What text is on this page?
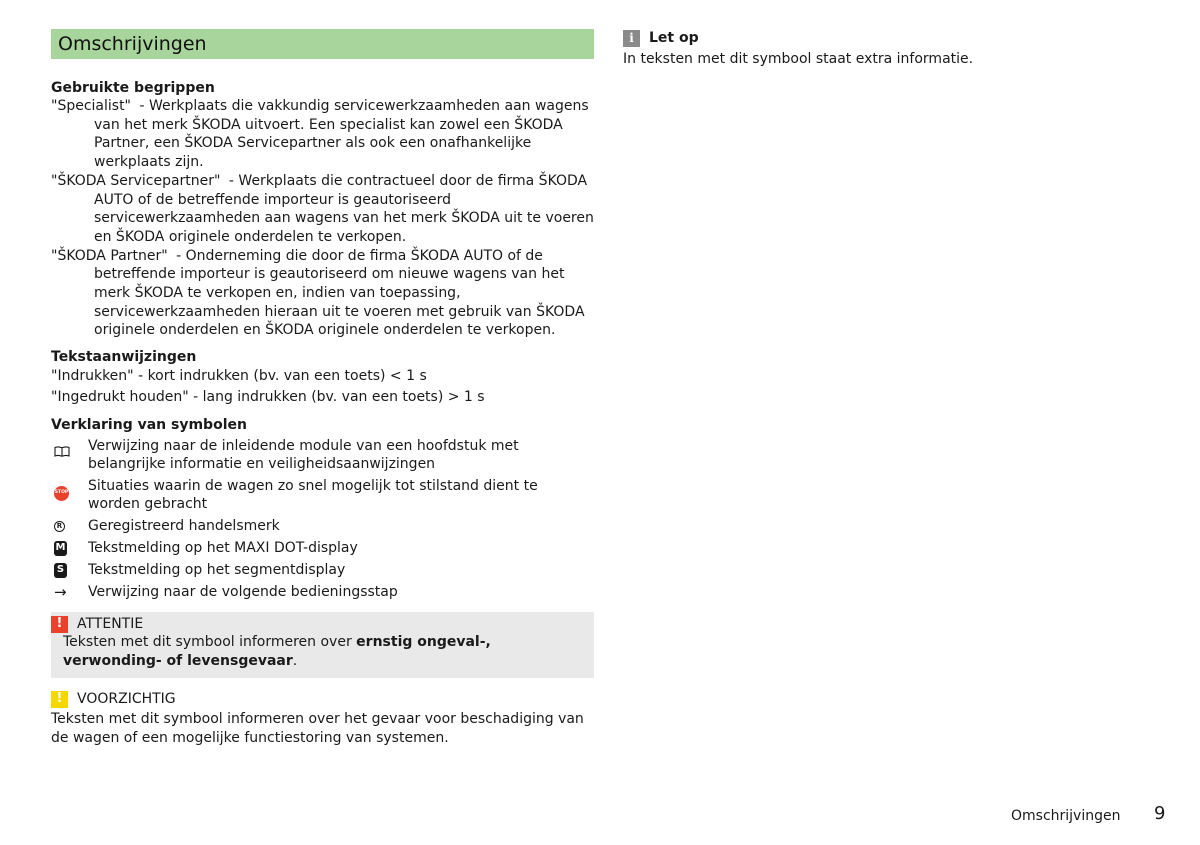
Omschrijvingen
Gebruikte begrippen
"Specialist" - Werkplaats die vakkundig servicewerkzaamheden aan wagens van het merk ŠKODA uitvoert. Een specialist kan zowel een ŠKODA Partner, een ŠKODA Servicepartner als ook een onafhankelijke werkplaats zijn.
"ŠKODA Servicepartner" - Werkplaats die contractueel door de firma ŠKODA AUTO of de betreffende importeur is geautoriseerd servicewerkzaamheden aan wagens van het merk ŠKODA uit te voeren en ŠKODA originele onderdelen te verkopen.
"ŠKODA Partner" - Onderneming die door de firma ŠKODA AUTO of de betreffende importeur is geautoriseerd om nieuwe wagens van het merk ŠKODA te verkopen en, indien van toepassing, servicewerkzaamheden hieraan uit te voeren met gebruik van ŠKODA originele onderdelen en ŠKODA originele onderdelen te verkopen.
Tekstaanwijzingen
"Indrukken" - kort indrukken (bv. van een toets) < 1 s
"Ingedrukt houden" - lang indrukken (bv. van een toets) > 1 s
Verklaring van symbolen
Verwijzing naar de inleidende module van een hoofdstuk met belangrijke informatie en veiligheidsaanwijzingen
STOP Situaties waarin de wagen zo snel mogelijk tot stilstand dient te worden gebracht
R Geregistreerd handelsmerk
M Tekstmelding op het MAXI DOT-display
S Tekstmelding op het segmentdisplay
→ Verwijzing naar de volgende bedieningsstap
!	ATTENTIE
Teksten met dit symbool informeren over ernstig ongeval-, verwonding- of levensgevaar.
!	VOORZICHTIG
Teksten met dit symbool informeren over het gevaar voor beschadiging van de wagen of een mogelijke functiestoring van systemen.
i	Let op
In teksten met dit symbool staat extra informatie.
Omschrijvingen 9
